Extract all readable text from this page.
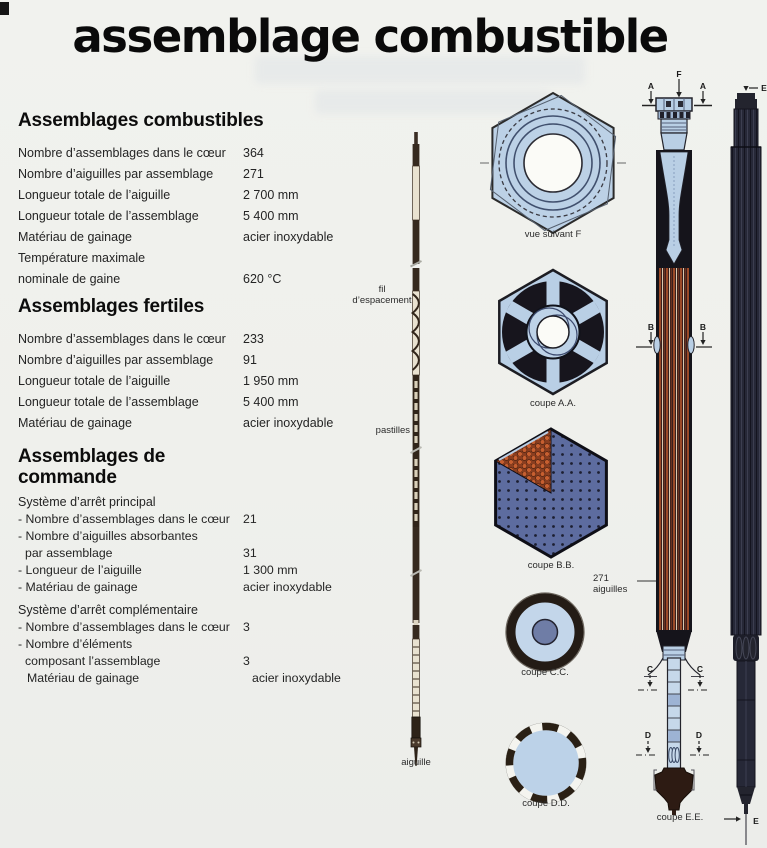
assemblage combustible
Assemblages combustibles
Nombre d’assemblages dans le cœur	364
Nombre d’aiguilles par assemblage	271
Longueur totale de l’aiguille	2 700 mm
Longueur totale de l’assemblage	5 400 mm
Matériau de gainage	acier inoxydable
Température maximale
nominale de gaine	620 °C
Assemblages fertiles
Nombre d’assemblages dans le cœur	233
Nombre d’aiguilles par assemblage	91
Longueur totale de l’aiguille	1 950 mm
Longueur totale de l’assemblage	5 400 mm
Matériau de gainage	acier inoxydable
Assemblages de
commande
Système d’arrêt principal
- Nombre d’assemblages dans le cœur	21
- Nombre d’aiguilles absorbantes
par assemblage	31
- Longueur de l’aiguille	1 300 mm
- Matériau de gainage	acier inoxydable
Système d’arrêt complémentaire
- Nombre d’assemblages dans le cœur	3
- Nombre d’éléments
composant l’assemblage	3
Matériau de gainage	acier inoxydable
F
A	A
B	B
C	C
D	D
E
E
fil
d’espacement
pastilles
aiguille
vue suivant F
coupe A.A.
coupe B.B.
271 aiguilles
coupe C.C.
coupe D.D.
coupe E.E.
